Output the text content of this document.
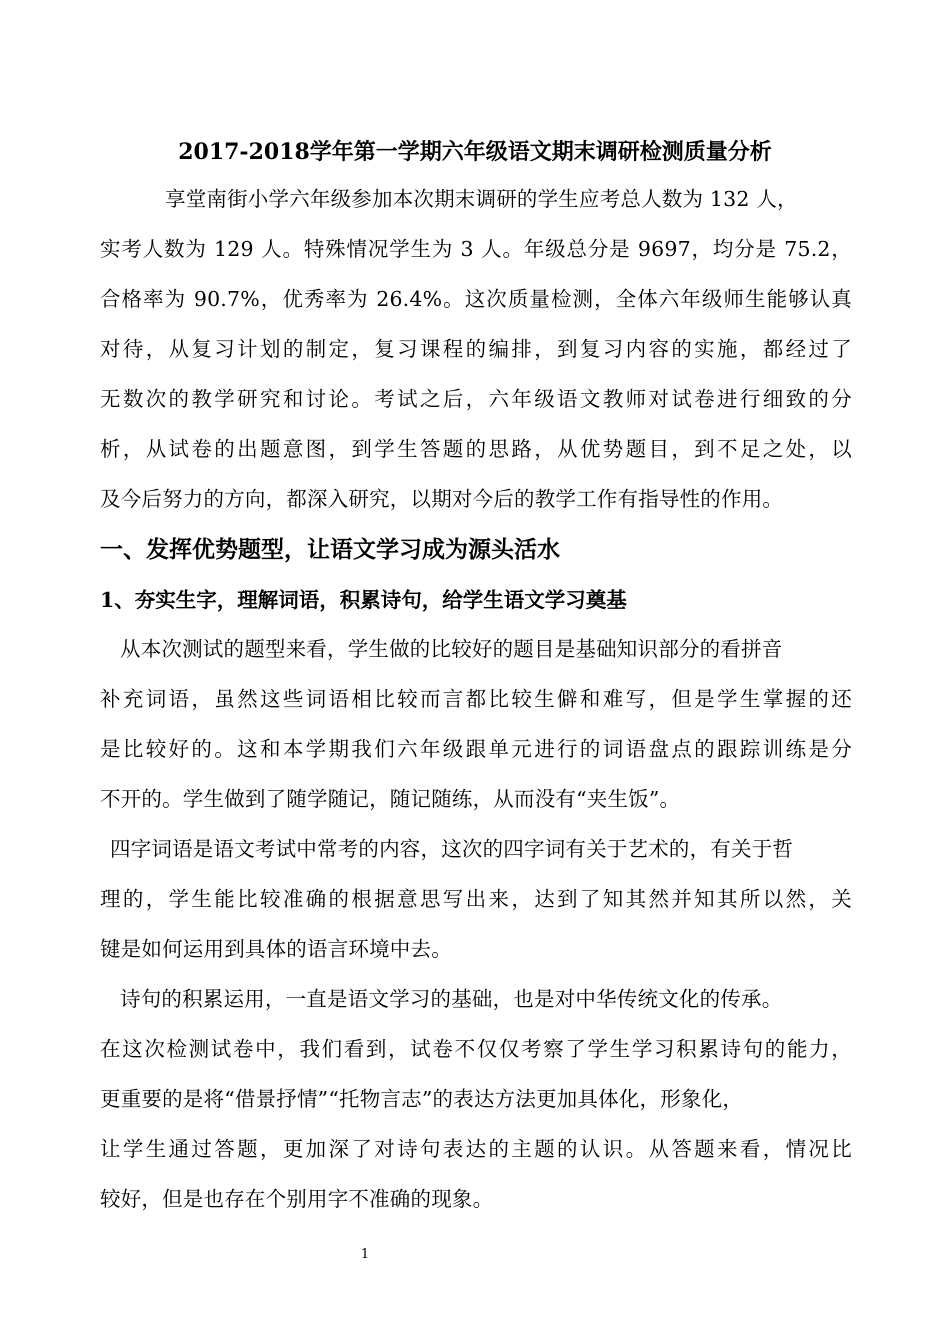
2017-2018学年第一学期六年级语文期末调研检测质量分析
享堂南街小学六年级参加本次期末调研的学生应考总人数为 132 人，
实考人数为 129 人。特殊情况学生为 3 人。年级总分是 9697，均分是 75.2，
合格率为 90.7%，优秀率为 26.4%。这次质量检测，全体六年级师生能够认真
对待，从复习计划的制定，复习课程的编排，到复习内容的实施，都经过了
无数次的教学研究和讨论。考试之后，六年级语文教师对试卷进行细致的分
析，从试卷的出题意图，到学生答题的思路，从优势题目，到不足之处，以
及今后努力的方向，都深入研究，以期对今后的教学工作有指导性的作用。
一、发挥优势题型，让语文学习成为源头活水
1、夯实生字，理解词语，积累诗句，给学生语文学习奠基
从本次测试的题型来看，学生做的比较好的题目是基础知识部分的看拼音
补充词语，虽然这些词语相比较而言都比较生僻和难写，但是学生掌握的还
是比较好的。这和本学期我们六年级跟单元进行的词语盘点的跟踪训练是分
不开的。学生做到了随学随记，随记随练，从而没有“夹生饭”。
四字词语是语文考试中常考的内容，这次的四字词有关于艺术的，有关于哲
理的，学生能比较准确的根据意思写出来，达到了知其然并知其所以然，关
键是如何运用到具体的语言环境中去。
诗句的积累运用，一直是语文学习的基础，也是对中华传统文化的传承。
在这次检测试卷中，我们看到，试卷不仅仅考察了学生学习积累诗句的能力，
更重要的是将“借景抒情”“托物言志”的表达方法更加具体化，形象化，
让学生通过答题，更加深了对诗句表达的主题的认识。从答题来看，情况比
较好，但是也存在个别用字不准确的现象。
1
